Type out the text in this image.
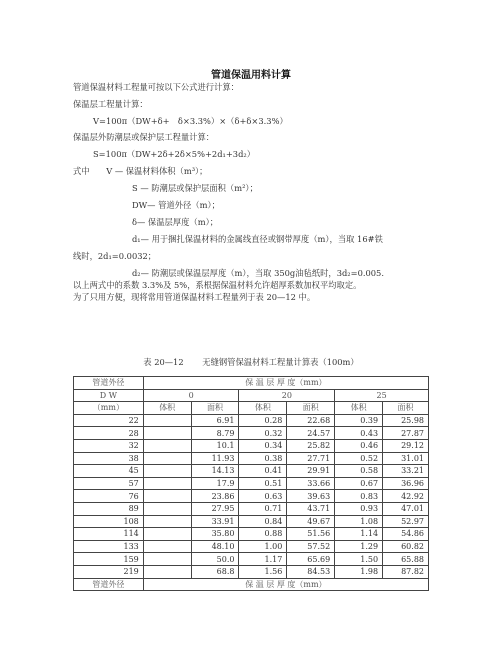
管道保温用料计算
管道保温材料工程量可按以下公式进行计算：
保温层工程量计算：
V=100π（DW+δ+　δ×3.3%）×（δ+δ×3.3%）
保温层外防潮层或保护层工程量计算：
S=100π（DW+2δ+2δ×5%+2d₁+3d₂）
式中　　V — 保温材料体积（m³）；
S — 防潮层或保护层面积（m²）；
DW— 管道外径（m）；
δ— 保温层厚度（m）；
d₁— 用于捆扎保温材料的金属线直径或钢带厚度（m），当取 16#铁
线时，2d₁=0.0032；
d₂— 防潮层或保温层厚度（m），当取 350g油毡纸时，3d₂=0.005.
以上两式中的系数 3.3%及 5%，系根据保温材料允许超厚系数加权平均取定。
为了只用方便，现将常用管道保温材料工程量列于表 20—12 中。
表 20—12 无缝钢管保温材料工程量计算表（100m）
管道外径	保 温 层 厚 度（mm）					
D W	0		20		25	
（mm）	体积	面积	体积	面积	体积	面积
22		6.91	0.28	22.68	0.39	25.98
28		8.79	0.32	24.57	0.43	27.87
32		10.1	0.34	25.82	0.46	29.12
38		11.93	0.38	27.71	0.52	31.01
45		14.13	0.41	29.91	0.58	33.21
57		17.9	0.51	33.66	0.67	36.96
76		23.86	0.63	39.63	0.83	42.92
89		27.95	0.71	43.71	0.93	47.01
108		33.91	0.84	49.67	1.08	52.97
114		35.80	0.88	51.56	1.14	54.86
133		48.10	1.00	57.52	1.29	60.82
159		50.0	1.17	65.69	1.50	65.88
219		68.8	1.56	84.53	1.98	87.82
管道外径	保 温 层 厚 度（mm）					
